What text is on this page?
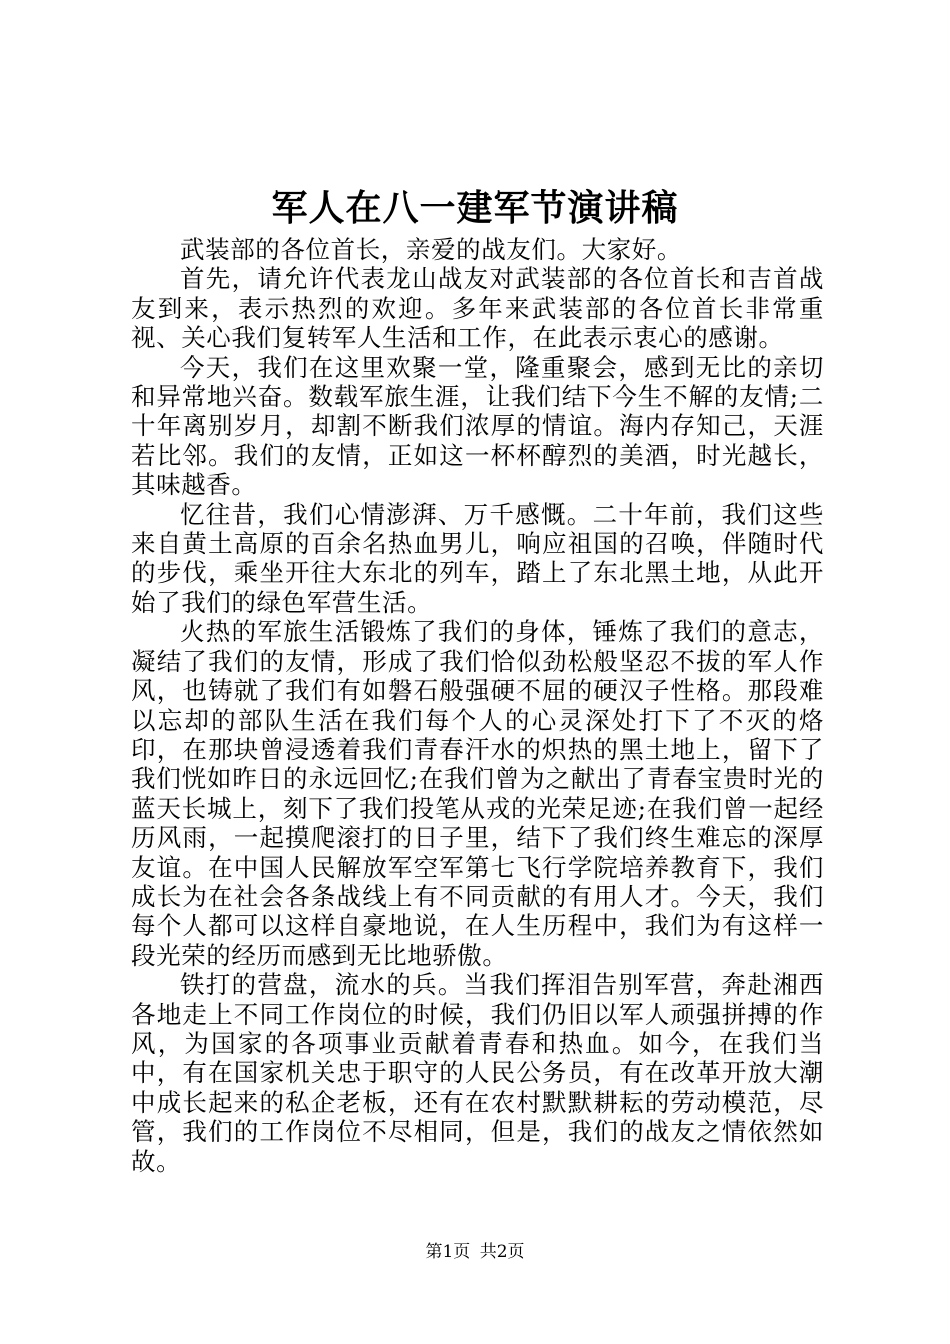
军人在八一建军节演讲稿

武装部的各位首长，亲爱的战友们。大家好。

首先，请允许代表龙山战友对武装部的各位首长和吉首战友到来，表示热烈的欢迎。多年来武装部的各位首长非常重视、关心我们复转军人生活和工作，在此表示衷心的感谢。

今天，我们在这里欢聚一堂，隆重聚会，感到无比的亲切和异常地兴奋。数载军旅生涯，让我们结下今生不解的友情;二十年离别岁月，却割不断我们浓厚的情谊。海内存知己，天涯若比邻。我们的友情，正如这一杯杯醇烈的美酒，时光越长，其味越香。

忆往昔，我们心情澎湃、万千感慨。二十年前，我们这些来自黄土高原的百余名热血男儿，响应祖国的召唤，伴随时代的步伐，乘坐开往大东北的列车，踏上了东北黑土地，从此开始了我们的绿色军营生活。

火热的军旅生活锻炼了我们的身体，锤炼了我们的意志，凝结了我们的友情，形成了我们恰似劲松般坚忍不拔的军人作风，也铸就了我们有如磐石般强硬不屈的硬汉子性格。那段难以忘却的部队生活在我们每个人的心灵深处打下了不灭的烙印，在那块曾浸透着我们青春汗水的炽热的黑土地上，留下了我们恍如昨日的永远回忆;在我们曾为之献出了青春宝贵时光的蓝天长城上，刻下了我们投笔从戎的光荣足迹;在我们曾一起经历风雨，一起摸爬滚打的日子里，结下了我们终生难忘的深厚友谊。在中国人民解放军空军第七飞行学院培养教育下，我们成长为在社会各条战线上有不同贡献的有用人才。今天，我们每个人都可以这样自豪地说，在人生历程中，我们为有这样一段光荣的经历而感到无比地骄傲。

铁打的营盘，流水的兵。当我们挥泪告别军营，奔赴湘西各地走上不同工作岗位的时候，我们仍旧以军人顽强拼搏的作风，为国家的各项事业贡献着青春和热血。如今，在我们当中，有在国家机关忠于职守的人民公务员，有在改革开放大潮中成长起来的私企老板，还有在农村默默耕耘的劳动模范，尽管，我们的工作岗位不尽相同，但是，我们的战友之情依然如故。

第1页 共2页
